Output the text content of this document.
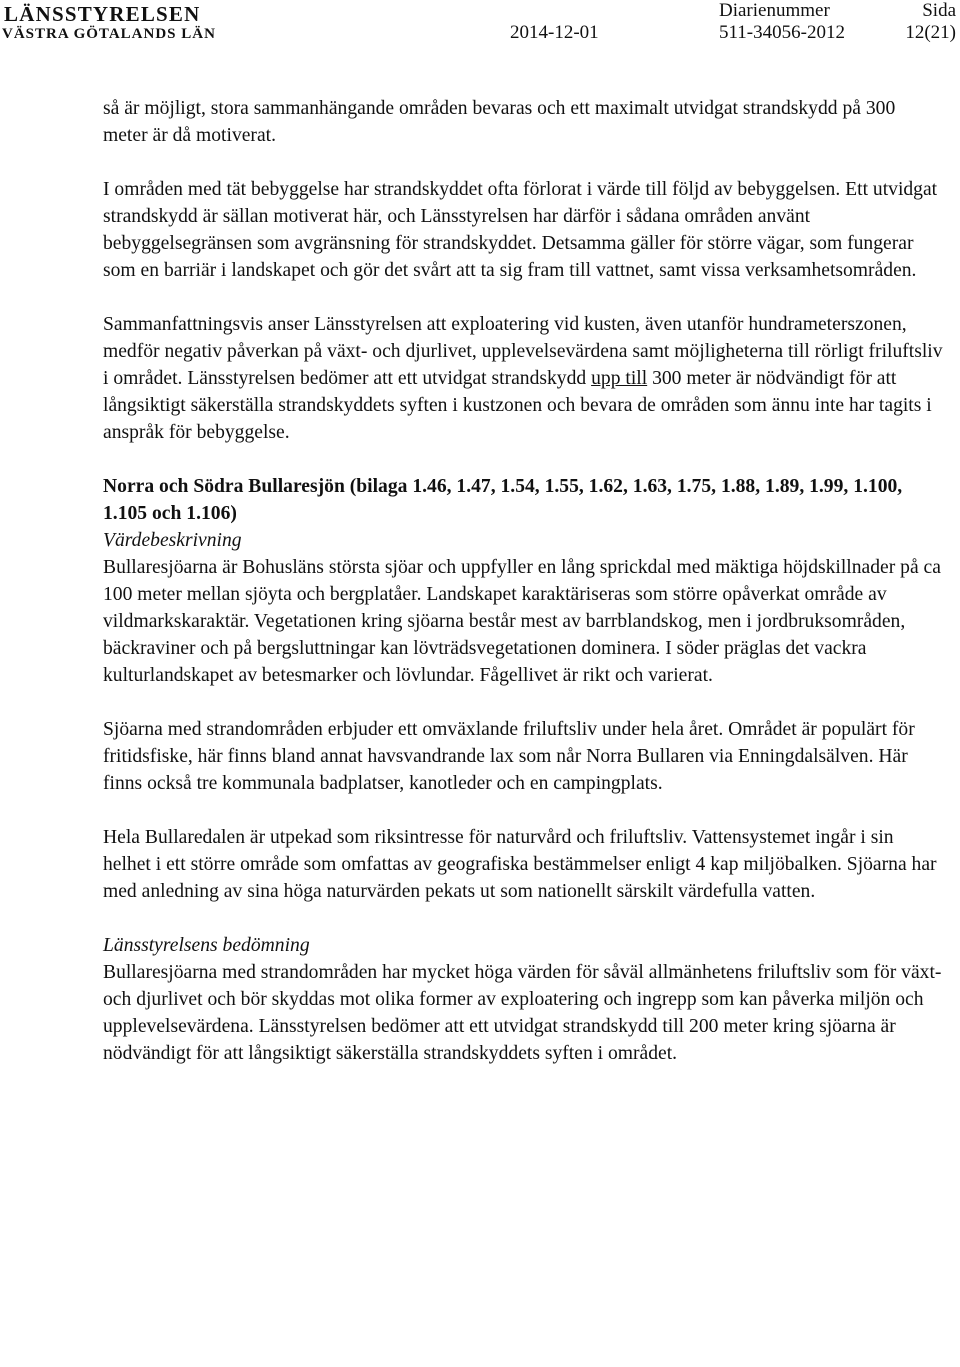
LÄNSSTYRELSEN

VÄSTRA GÖTALANDS LÄN	2014-12-01
Diarienummer
511-34056-2012
Sida
12(21)

så är möjligt, stora sammanhängande områden bevaras och ett maximalt utvidgat strandskydd på 300 meter är då motiverat.

I områden med tät bebyggelse har strandskyddet ofta förlorat i värde till följd av bebyggelsen. Ett utvidgat strandskydd är sällan motiverat här, och Länsstyrelsen har därför i sådana områden använt bebyggelsegränsen som avgränsning för strandskyddet. Detsamma gäller för större vägar, som fungerar som en barriär i landskapet och gör det svårt att ta sig fram till vattnet, samt vissa verksamhetsområden.

Sammanfattningsvis anser Länsstyrelsen att exploatering vid kusten, även utanför hundrameterszonen, medför negativ påverkan på växt- och djurlivet, upplevelsevärdena samt möjligheterna till rörligt friluftsliv i området. Länsstyrelsen bedömer att ett utvidgat strandskydd upp till 300 meter är nödvändigt för att långsiktigt säkerställa strandskyddets syften i kustzonen och bevara de områden som ännu inte har tagits i anspråk för bebyggelse.

Norra och Södra Bullaresjön (bilaga 1.46, 1.47, 1.54, 1.55, 1.62, 1.63, 1.75, 1.88, 1.89, 1.99, 1.100, 1.105 och 1.106)

Värdebeskrivning

Bullaresjöarna är Bohusläns största sjöar och uppfyller en lång sprickdal med mäktiga höjdskillnader på ca 100 meter mellan sjöyta och bergplatåer. Landskapet karaktäriseras som större opåverkat område av vildmarkskaraktär. Vegetationen kring sjöarna består mest av barrblandskog, men i jordbruksområden, bäckraviner och på bergsluttningar kan lövträdsvegetationen dominera. I söder präglas det vackra kulturlandskapet av betesmarker och lövlundar. Fågellivet är rikt och varierat.

Sjöarna med strandområden erbjuder ett omväxlande friluftsliv under hela året. Området är populärt för fritidsfiske, här finns bland annat havsvandrande lax som når Norra Bullaren via Enningdalsälven. Här finns också tre kommunala badplatser, kanotleder och en campingplats.

Hela Bullaredalen är utpekad som riksintresse för naturvård och friluftsliv. Vattensystemet ingår i sin helhet i ett större område som omfattas av geografiska bestämmelser enligt 4 kap miljöbalken. Sjöarna har med anledning av sina höga naturvärden pekats ut som nationellt särskilt värdefulla vatten.

Länsstyrelsens bedömning

Bullaresjöarna med strandområden har mycket höga värden för såväl allmänhetens friluftsliv som för växt- och djurlivet och bör skyddas mot olika former av exploatering och ingrepp som kan påverka miljön och upplevelsevärdena. Länsstyrelsen bedömer att ett utvidgat strandskydd till 200 meter kring sjöarna är nödvändigt för att långsiktigt säkerställa strandskyddets syften i området.
